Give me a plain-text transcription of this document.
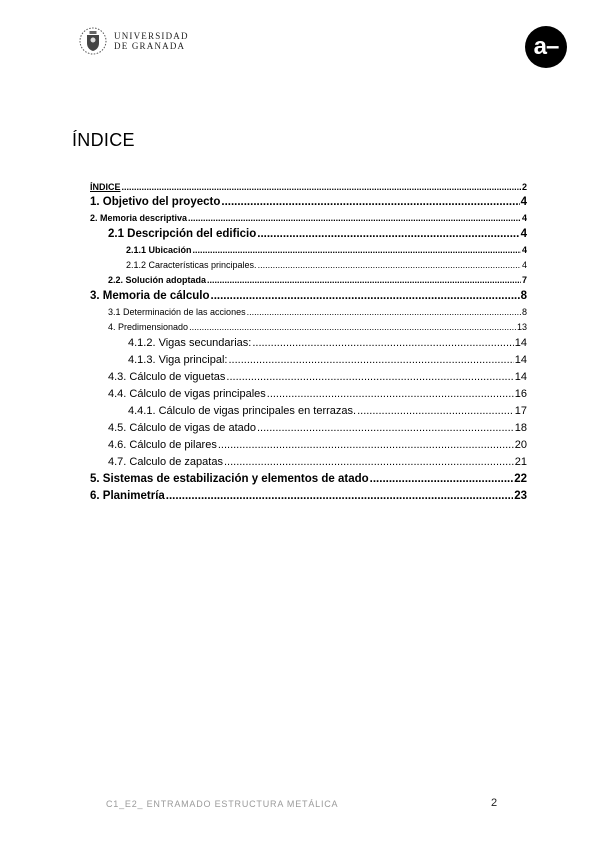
UNIVERSIDAD
DE GRANADA	a–
ÍNDICE
ÍNDICE .....	2
1. Objetivo del proyecto .....	4
2. Memoria descriptiva .....	4
2.1 Descripción del edificio .....	4
2.1.1 Ubicación .....	4
2.1.2 Características principales. .....	4
2.2. Solución adoptada .....	7
3. Memoria de cálculo .....	8
3.1 Determinación de las acciones .....	8
4. Predimensionado .....	13
4.1.2. Vigas secundarias: .....	14
4.1.3. Viga principal: .....	14
4.3. Cálculo de viguetas .....	14
4.4. Cálculo de vigas principales .....	16
4.4.1. Cálculo de vigas principales en terrazas. .....	17
4.5. Cálculo de vigas de atado .....	18
4.6. Cálculo de pilares .....	20
4.7. Calculo de zapatas .....	21
5. Sistemas de estabilización y elementos de atado .....	22
6. Planimetría .....	23
C1_E2_ ENTRAMADO ESTRUCTURA METÁLICA	2
